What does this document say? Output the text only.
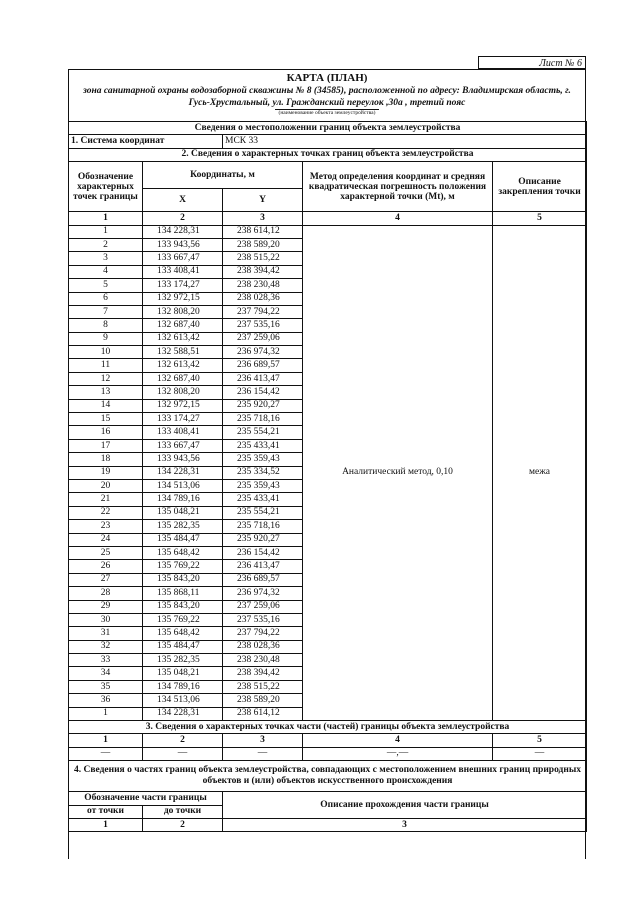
Лист № 6
КАРТА (ПЛАН)
зона санитарной охраны водозаборной скважины № 8 (34585), расположенной по адресу: Владимирская область, г. Гусь-Хрустальный, ул. Гражданский переулок ,30а , третий пояс
(наименование объекта землеустройства)
Сведения о местоположении границ объекта землеустройства				
1. Система координат		МСК 33		
2. Сведения о характерных точках границ объекта землеустройства				
Обозначение характерных точек границы	Координаты, м		Метод определения координат и средняя квадратическая погрешность положения характерной точки (Mt), м	Описание закрепления точки
	X	Y		
1	2	3	4	5
1	134 228,31	238 614,12	Аналитический метод, 0,10	межа
2	133 943,56	238 589,20		
3	133 667,47	238 515,22		
4	133 408,41	238 394,42		
5	133 174,27	238 230,48		
6	132 972,15	238 028,36		
7	132 808,20	237 794,22		
8	132 687,40	237 535,16		
9	132 613,42	237 259,06		
10	132 588,51	236 974,32		
11	132 613,42	236 689,57		
12	132 687,40	236 413,47		
13	132 808,20	236 154,42		
14	132 972,15	235 920,27		
15	133 174,27	235 718,16		
16	133 408,41	235 554,21		
17	133 667,47	235 433,41		
18	133 943,56	235 359,43		
19	134 228,31	235 334,52		
20	134 513,06	235 359,43		
21	134 789,16	235 433,41		
22	135 048,21	235 554,21		
23	135 282,35	235 718,16		
24	135 484,47	235 920,27		
25	135 648,42	236 154,42		
26	135 769,22	236 413,47		
27	135 843,20	236 689,57		
28	135 868,11	236 974,32		
29	135 843,20	237 259,06		
30	135 769,22	237 535,16		
31	135 648,42	237 794,22		
32	135 484,47	238 028,36		
33	135 282,35	238 230,48		
34	135 048,21	238 394,42		
35	134 789,16	238 515,22		
36	134 513,06	238 589,20		
1	134 228,31	238 614,12		
3. Сведения о характерных точках части (частей) границы объекта землеустройства				
1	2	3	4	5
—	—	—	—,—	—
4. Сведения о частях границ объекта землеустройства, совпадающих с местоположением внешних границ природных объектов и (или) объектов искусственного происхождения				
Обозначение части границы		Описание прохождения части границы		
от точки	до точки			
1	2	3		
